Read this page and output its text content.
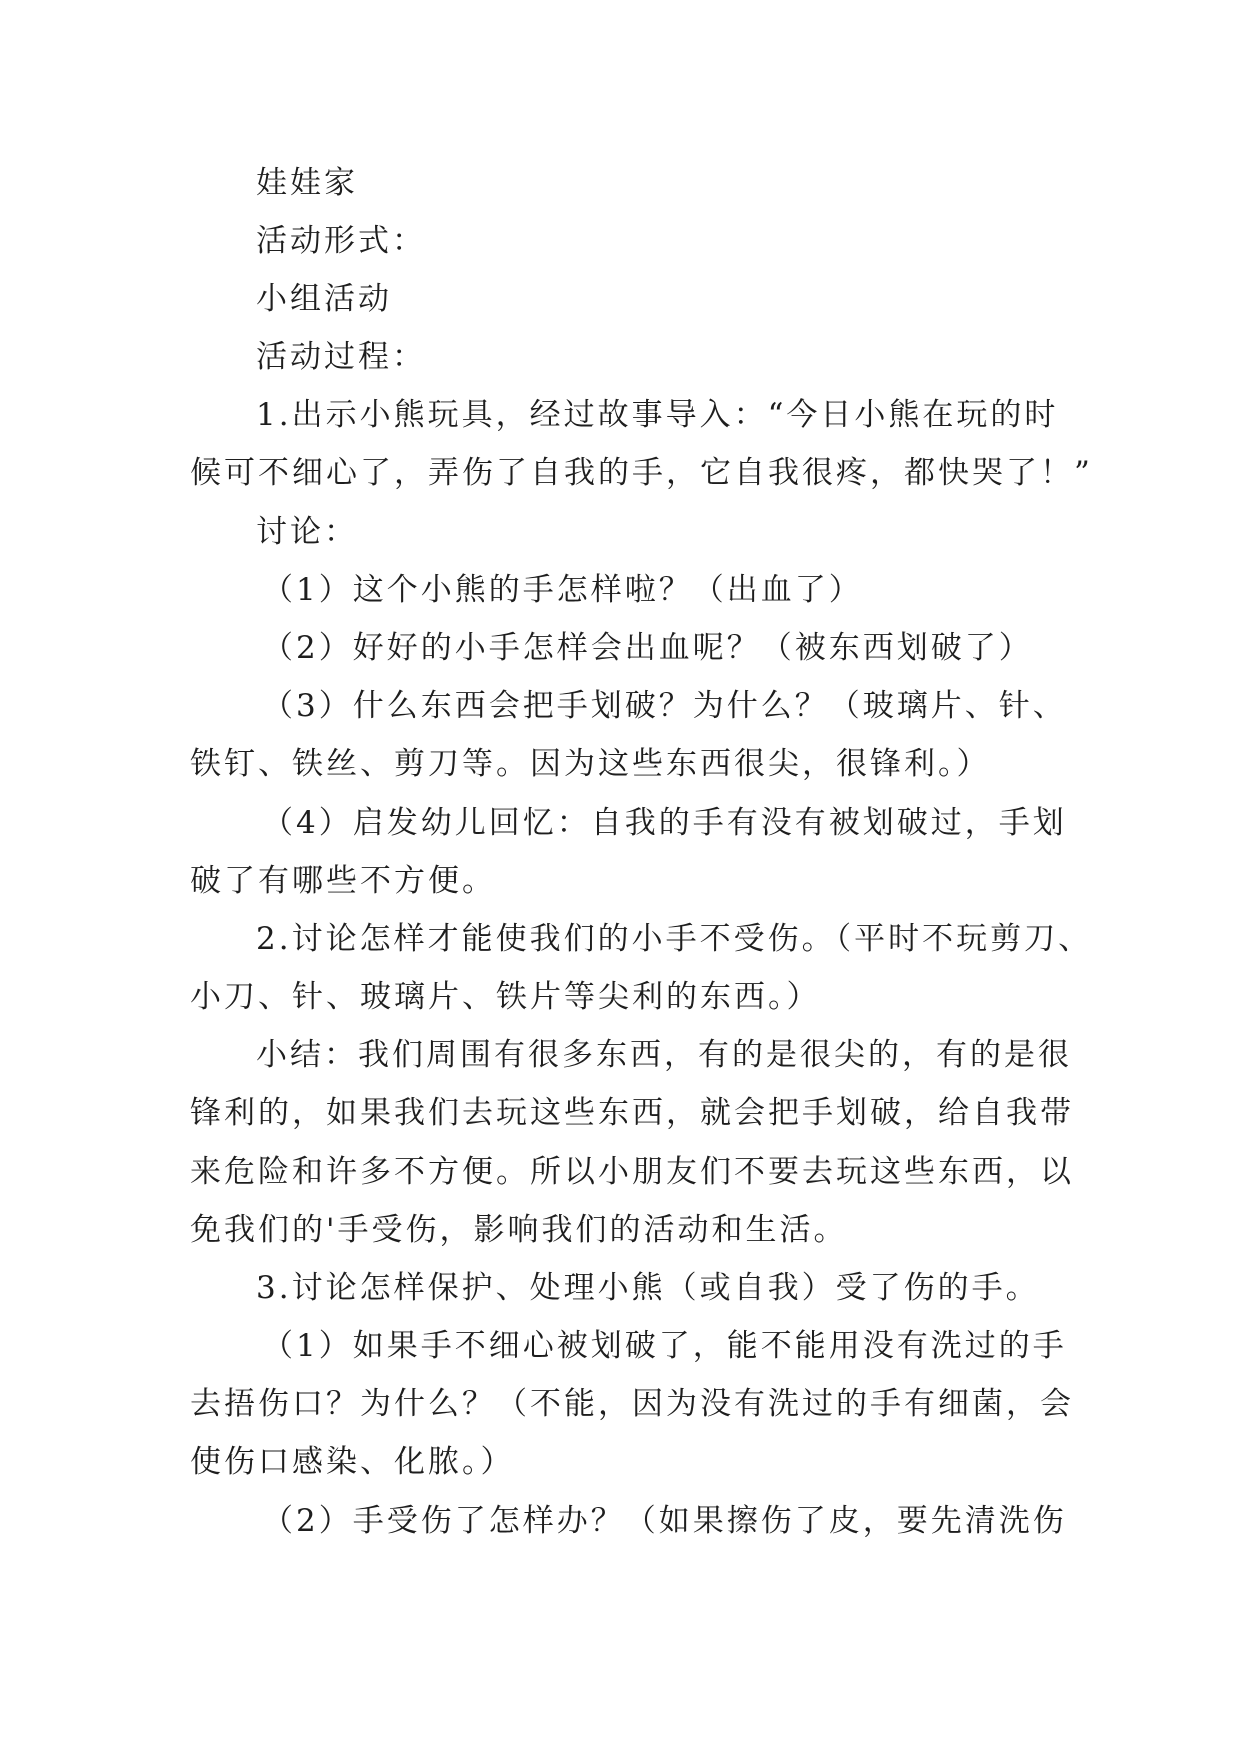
娃娃家
活动形式：
小组活动
活动过程：
1.出示小熊玩具，经过故事导入：“今日小熊在玩的时
候可不细心了，弄伤了自我的手，它自我很疼，都快哭了！”
讨论：
（1）这个小熊的手怎样啦？（出血了）
（2）好好的小手怎样会出血呢？（被东西划破了）
（3）什么东西会把手划破？为什么？（玻璃片、针、
铁钉、铁丝、剪刀等。因为这些东西很尖，很锋利。）
（4）启发幼儿回忆：自我的手有没有被划破过，手划
破了有哪些不方便。
2.讨论怎样才能使我们的小手不受伤。（平时不玩剪刀、
小刀、针、玻璃片、铁片等尖利的东西。）
小结：我们周围有很多东西，有的是很尖的，有的是很
锋利的，如果我们去玩这些东西，就会把手划破，给自我带
来危险和许多不方便。所以小朋友们不要去玩这些东西，以
免我们的'手受伤，影响我们的活动和生活。
3.讨论怎样保护、处理小熊（或自我）受了伤的手。
（1）如果手不细心被划破了，能不能用没有洗过的手
去捂伤口？为什么？（不能，因为没有洗过的手有细菌，会
使伤口感染、化脓。）
（2）手受伤了怎样办？（如果擦伤了皮，要先清洗伤
